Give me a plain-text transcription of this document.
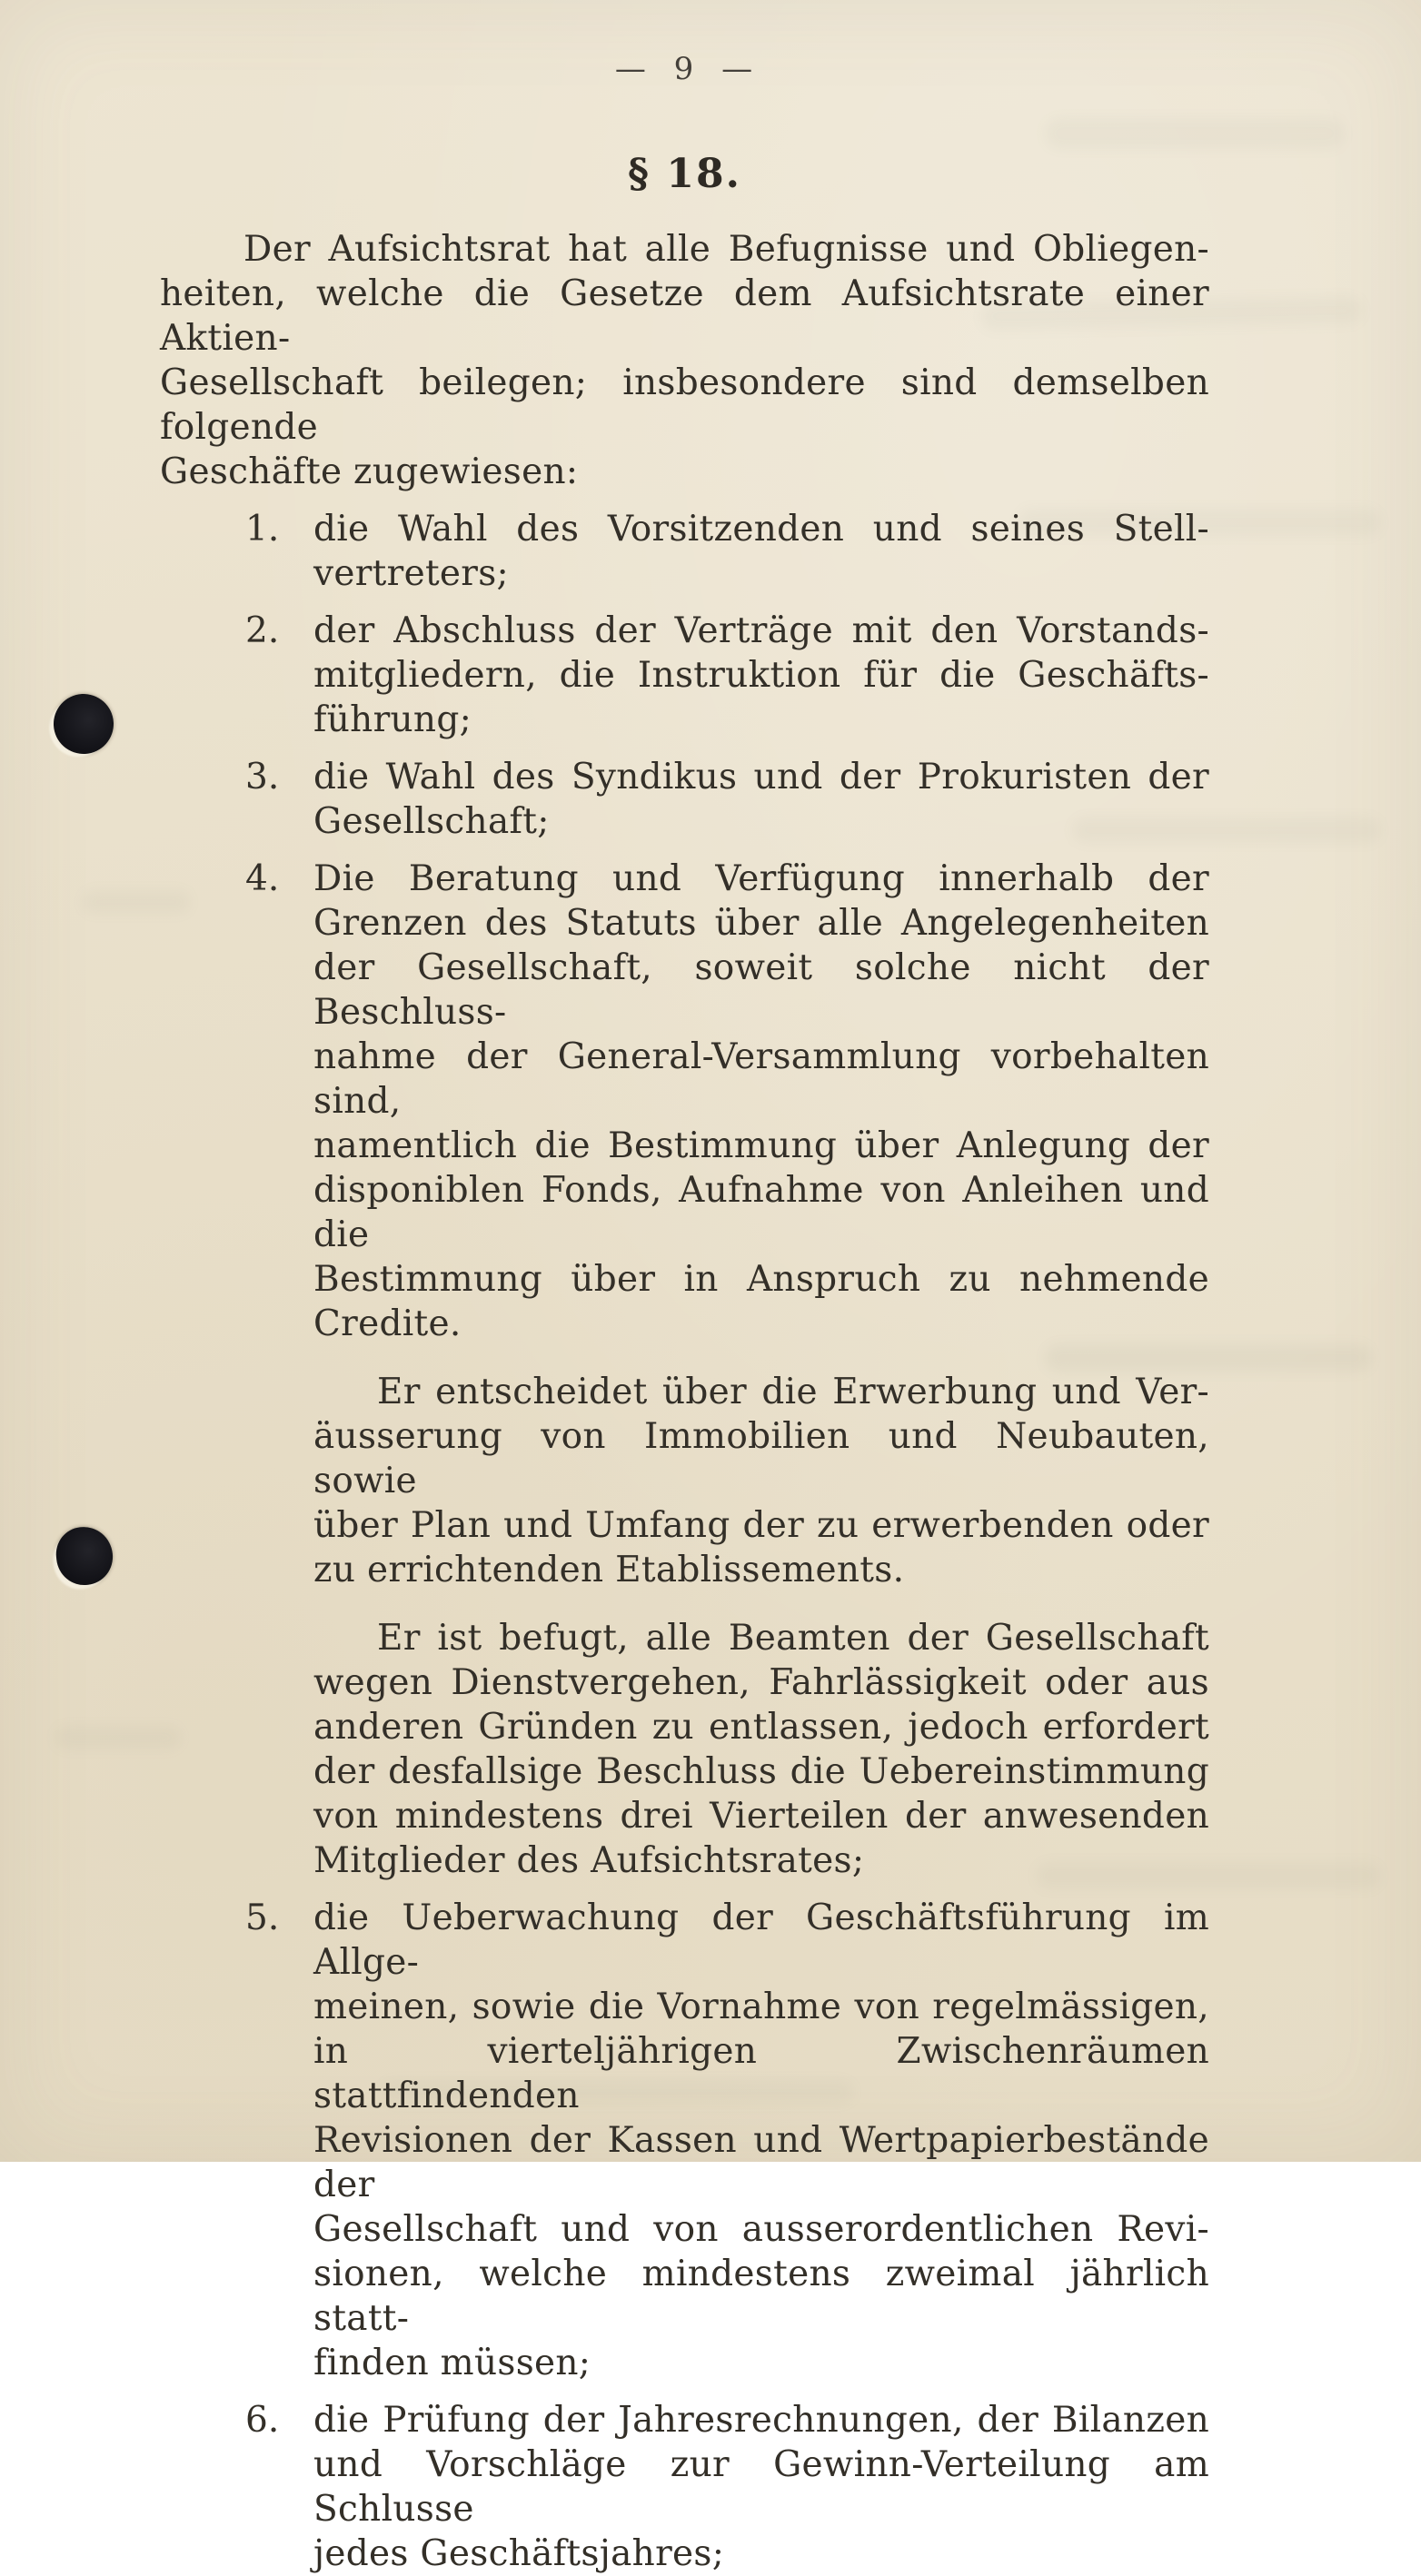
— 9 —
§ 18.
Der Aufsichtsrat hat alle Befugnisse und Obliegen-
heiten, welche die Gesetze dem Aufsichtsrate einer Aktien-
Gesellschaft beilegen; insbesondere sind demselben folgende
Geschäfte zugewiesen:
1. die Wahl des Vorsitzenden und seines Stell-
vertreters;
2. der Abschluss der Verträge mit den Vorstands-
mitgliedern, die Instruktion für die Geschäfts-
führung;
3. die Wahl des Syndikus und der Prokuristen der
Gesellschaft;
4. Die Beratung und Verfügung innerhalb der
Grenzen des Statuts über alle Angelegenheiten
der Gesellschaft, soweit solche nicht der Beschluss-
nahme der General-Versammlung vorbehalten sind,
namentlich die Bestimmung über Anlegung der
disponiblen Fonds, Aufnahme von Anleihen und die
Bestimmung über in Anspruch zu nehmende Credite.
Er entscheidet über die Erwerbung und Ver-
äusserung von Immobilien und Neubauten, sowie
über Plan und Umfang der zu erwerbenden oder
zu errichtenden Etablissements.
Er ist befugt, alle Beamten der Gesellschaft
wegen Dienstvergehen, Fahrlässigkeit oder aus
anderen Gründen zu entlassen, jedoch erfordert
der desfallsige Beschluss die Uebereinstimmung
von mindestens drei Vierteilen der anwesenden
Mitglieder des Aufsichtsrates;
5. die Ueberwachung der Geschäftsführung im Allge-
meinen, sowie die Vornahme von regelmässigen,
in vierteljährigen Zwischenräumen stattfindenden
Revisionen der Kassen und Wertpapierbestände der
Gesellschaft und von ausserordentlichen Revi-
sionen, welche mindestens zweimal jährlich statt-
finden müssen;
6. die Prüfung der Jahresrechnungen, der Bilanzen
und Vorschläge zur Gewinn-Verteilung am Schlusse
jedes Geschäftsjahres;
